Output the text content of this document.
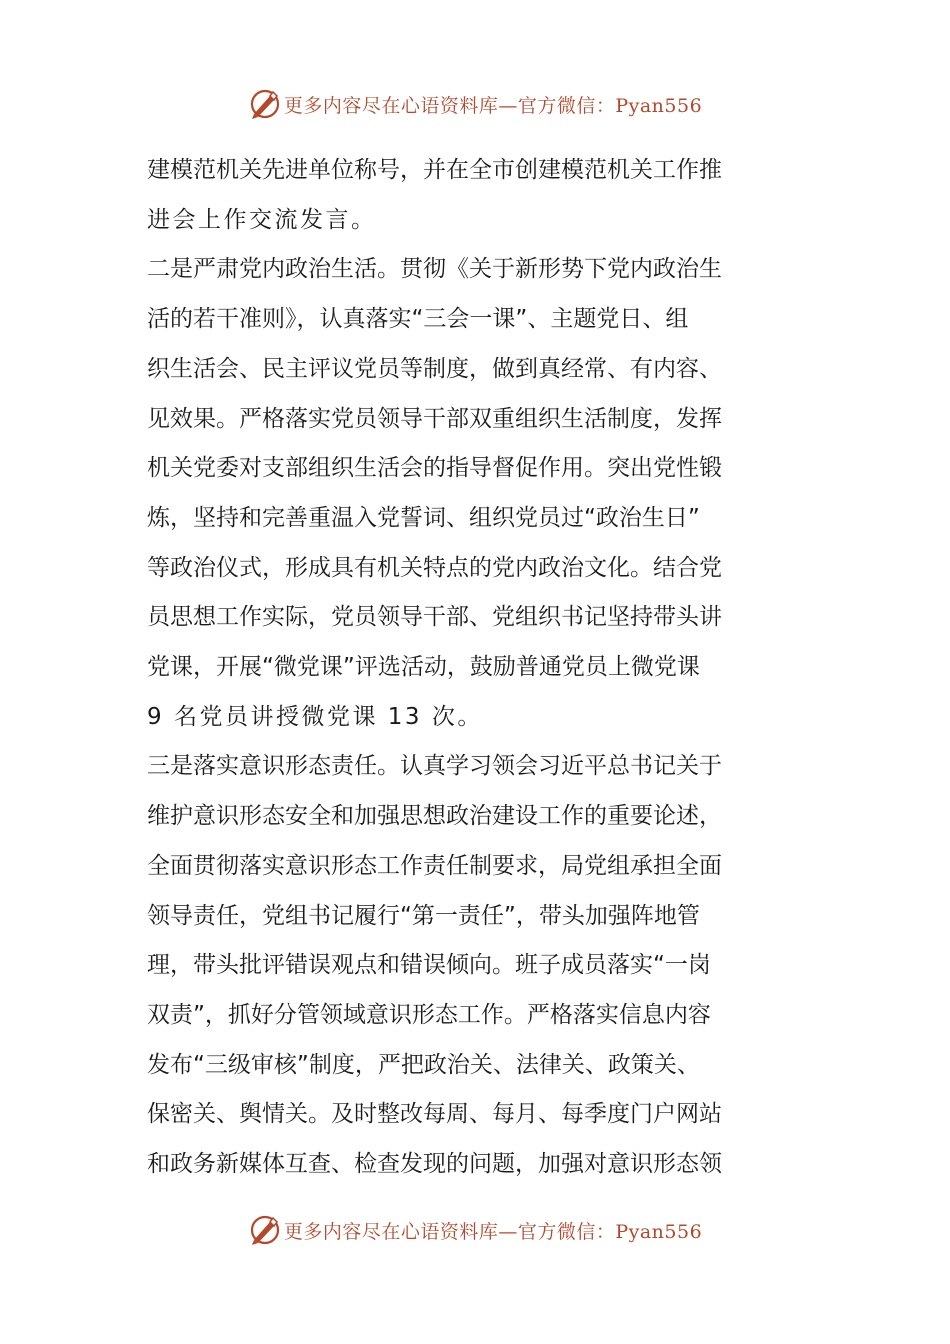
更多内容尽在心语资料库—官方微信：Pyan556
建模范机关先进单位称号，并在全市创建模范机关工作推
进会上作交流发言。
二是严肃党内政治生活。贯彻《关于新形势下党内政治生
活的若干准则》，认真落实“三会一课”、主题党日、组
织生活会、民主评议党员等制度，做到真经常、有内容、
见效果。严格落实党员领导干部双重组织生活制度，发挥
机关党委对支部组织生活会的指导督促作用。突出党性锻
炼，坚持和完善重温入党誓词、组织党员过“政治生日”
等政治仪式，形成具有机关特点的党内政治文化。结合党
员思想工作实际，党员领导干部、党组织书记坚持带头讲
党课，开展“微党课”评选活动，鼓励普通党员上微党课
9 名党员讲授微党课 13 次。
三是落实意识形态责任。认真学习领会习近平总书记关于
维护意识形态安全和加强思想政治建设工作的重要论述，
全面贯彻落实意识形态工作责任制要求，局党组承担全面
领导责任，党组书记履行“第一责任”，带头加强阵地管
理，带头批评错误观点和错误倾向。班子成员落实“一岗
双责”，抓好分管领域意识形态工作。严格落实信息内容
发布“三级审核”制度，严把政治关、法律关、政策关、
保密关、舆情关。及时整改每周、每月、每季度门户网站
和政务新媒体互查、检查发现的问题，加强对意识形态领
更多内容尽在心语资料库—官方微信：Pyan556
